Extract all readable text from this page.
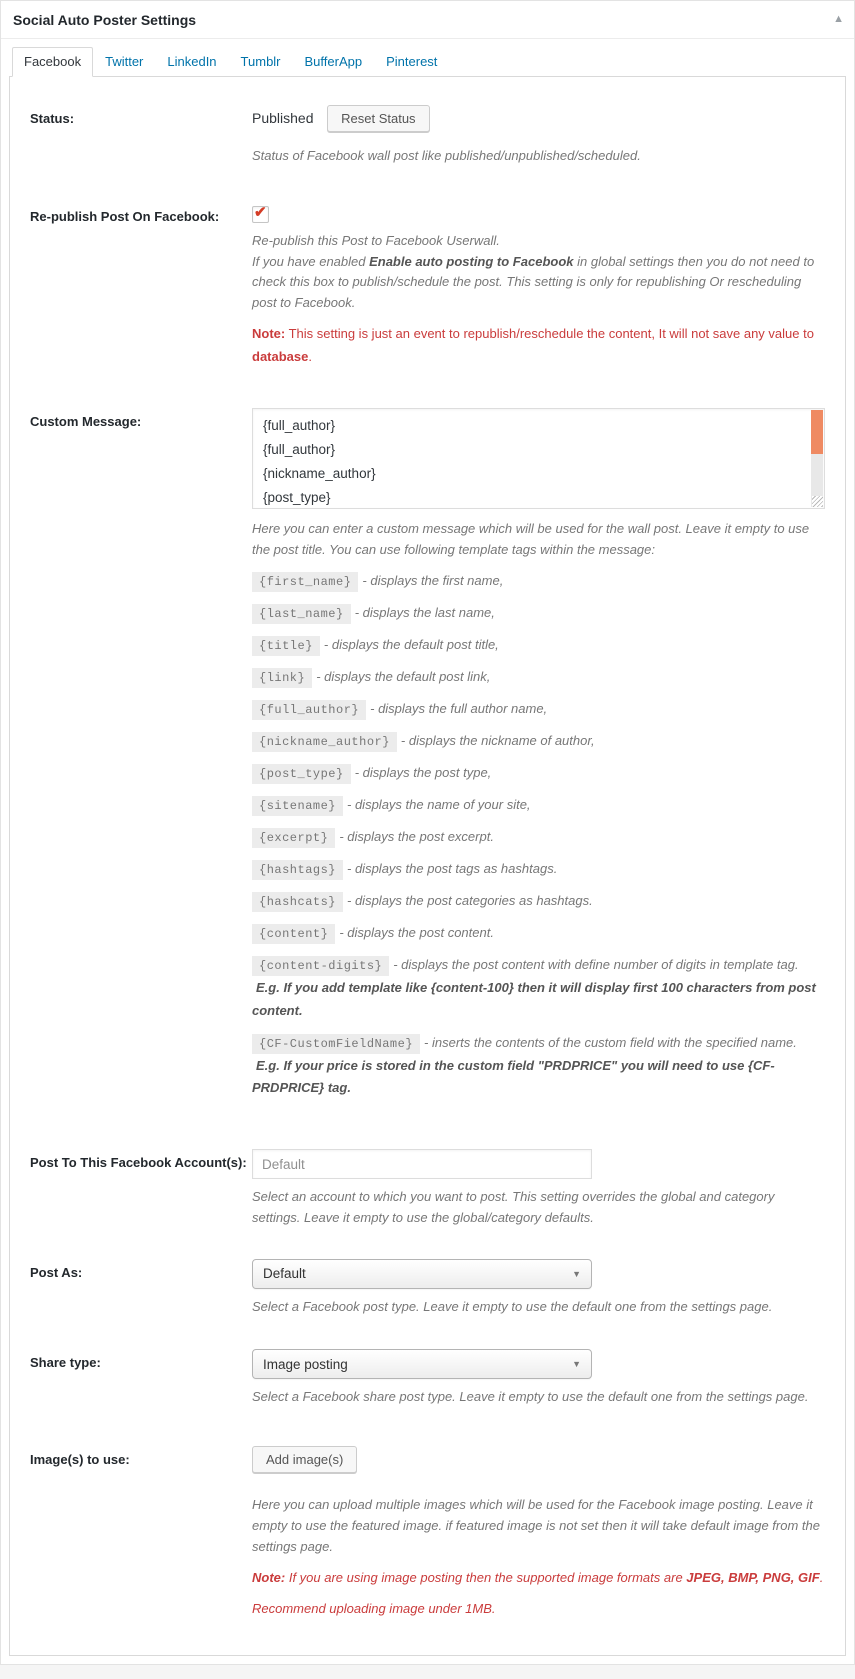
Social Auto Poster Settings	▲
Facebook	Twitter	LinkedIn	Tumblr	BufferApp	Pinterest
Status:	Published Reset Status
Status of Facebook wall post like published/unpublished/scheduled.
Re-publish Post On Facebook:	✔
Re-publish this Post to Facebook Userwall.
If you have enabled Enable auto posting to Facebook in global settings then you do not need to check this box to publish/schedule the post. This setting is only for republishing Or rescheduling post to Facebook.
Note: This setting is just an event to republish/reschedule the content, It will not save any value to database.
Custom Message:	{full_author}
{full_author}
{nickname_author}
{post_type}
Here you can enter a custom message which will be used for the wall post. Leave it empty to use the post title. You can use following template tags within the message:
{first_name} - displays the first name,
{last_name} - displays the last name,
{title} - displays the default post title,
{link} - displays the default post link,
{full_author} - displays the full author name,
{nickname_author} - displays the nickname of author,
{post_type} - displays the post type,
{sitename} - displays the name of your site,
{excerpt} - displays the post excerpt.
{hashtags} - displays the post tags as hashtags.
{hashcats} - displays the post categories as hashtags.
{content} - displays the post content.
{content-digits} - displays the post content with define number of digits in template tag. E.g. If you add template like {content-100} then it will display first 100 characters from post content.
{CF-CustomFieldName} - inserts the contents of the custom field with the specified name. E.g. If your price is stored in the custom field "PRDPRICE" you will need to use {CF-PRDPRICE} tag.
Post To This Facebook Account(s):
Default
Select an account to which you want to post. This setting overrides the global and category settings. Leave it empty to use the global/category defaults.
Post As:	Default	▼
Select a Facebook post type. Leave it empty to use the default one from the settings page.
Share type:	Image posting	▼
Select a Facebook share post type. Leave it empty to use the default one from the settings page.
Image(s) to use:	Add image(s)
Here you can upload multiple images which will be used for the Facebook image posting. Leave it empty to use the featured image. if featured image is not set then it will take default image from the settings page.
Note: If you are using image posting then the supported image formats are JPEG, BMP, PNG, GIF.
Recommend uploading image under 1MB.
